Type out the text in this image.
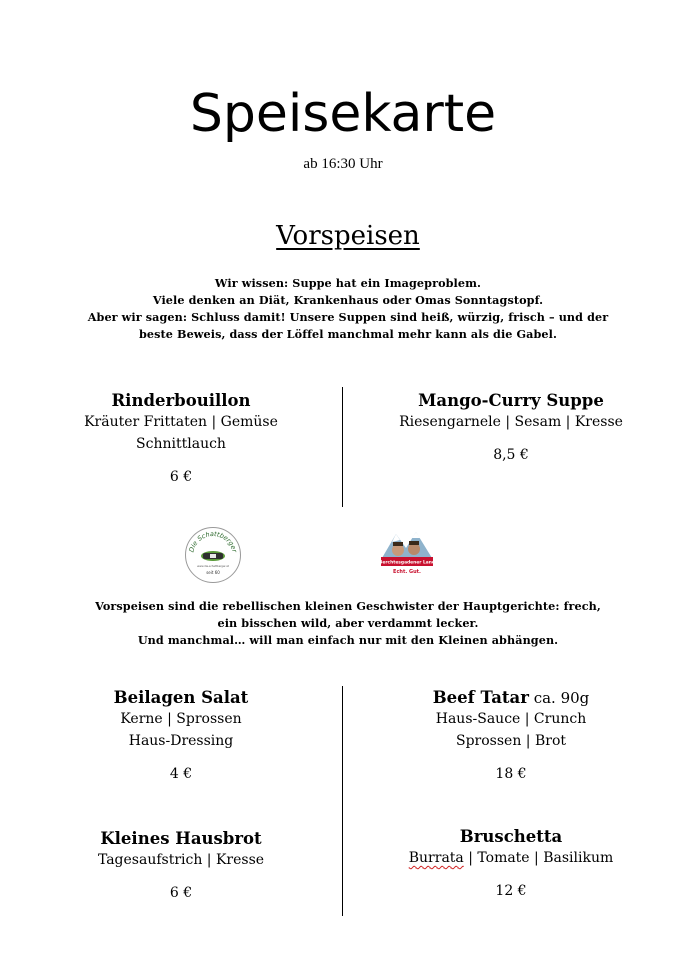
Speisekarte
ab 16:30 Uhr
Vorspeisen
Wir wissen: Suppe hat ein Imageproblem.
Viele denken an Diät, Krankenhaus oder Omas Sonntagstopf.
Aber wir sagen: Schluss damit! Unsere Suppen sind heiß, würzig, frisch – und der
beste Beweis, dass der Löffel manchmal mehr kann als die Gabel.
Rinderbouillon
Kräuter Frittaten | Gemüse
Schnittlauch
6 €
Mango-Curry Suppe
Riesengarnele | Sesam | Kresse
8,5 €
Die Schattberger
www.die-schattberger.at
seit 60
Berchtesgadener Land
Echt. Gut.
Vorspeisen sind die rebellischen kleinen Geschwister der Hauptgerichte: frech,
ein bisschen wild, aber verdammt lecker.
Und manchmal… will man einfach nur mit den Kleinen abhängen.
Beilagen Salat
Kerne | Sprossen
Haus-Dressing
4 €
Beef Tatar ca. 90g
Haus-Sauce | Crunch
Sprossen | Brot
18 €
Kleines Hausbrot
Tagesaufstrich | Kresse
6 €
Bruschetta
Burrata | Tomate | Basilikum
12 €
